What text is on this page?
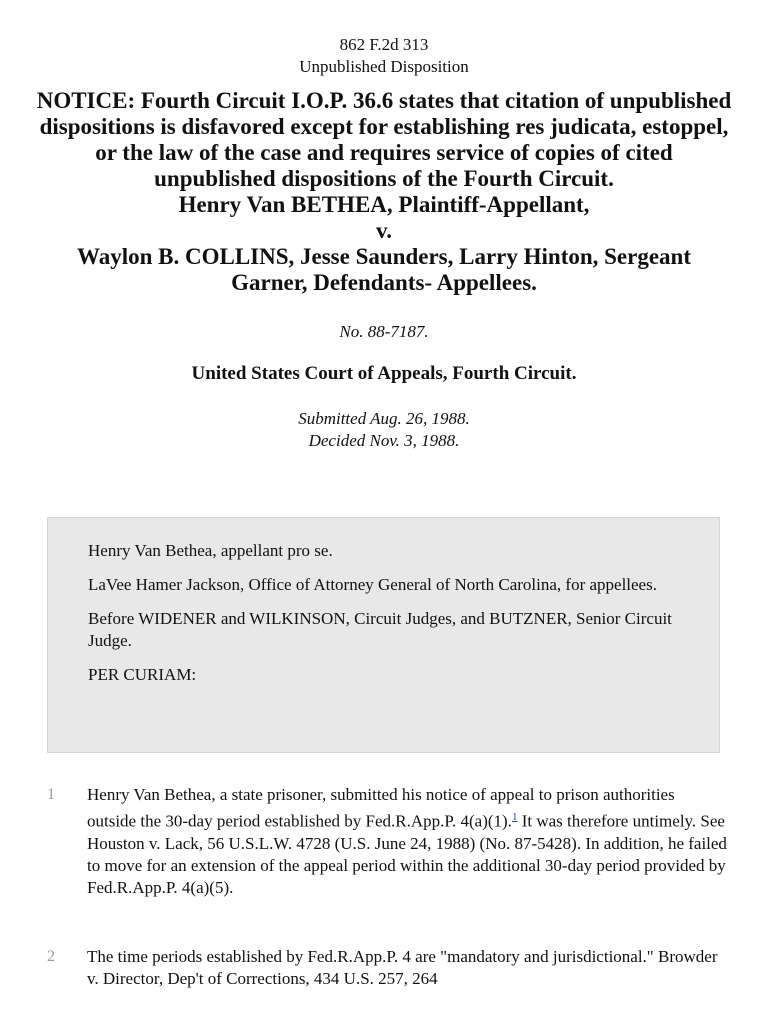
862 F.2d 313

Unpublished Disposition

NOTICE: Fourth Circuit I.O.P. 36.6 states that citation of unpublished dispositions is disfavored except for establishing res judicata, estoppel, or the law of the case and requires service of copies of cited unpublished dispositions of the Fourth Circuit.
Henry Van BETHEA, Plaintiff-Appellant,
v.
Waylon B. COLLINS, Jesse Saunders, Larry Hinton, Sergeant Garner, Defendants- Appellees.
No. 88-7187.
United States Court of Appeals, Fourth Circuit.
Submitted Aug. 26, 1988.
Decided Nov. 3, 1988.

Henry Van Bethea, appellant pro se.

LaVee Hamer Jackson, Office of Attorney General of North Carolina, for appellees.

Before WIDENER and WILKINSON, Circuit Judges, and BUTZNER, Senior Circuit Judge.

PER CURIAM:

1 Henry Van Bethea, a state prisoner, submitted his notice of appeal to prison authorities outside the 30-day period established by Fed.R.App.P. 4(a)(1).$^1$ It was therefore untimely. See Houston v. Lack, 56 U.S.L.W. 4728 (U.S. June 24, 1988) (No. 87-5428). In addition, he failed to move for an extension of the appeal period within the additional 30-day period provided by Fed.R.App.P. 4(a)(5).
2 The time periods established by Fed.R.App.P. 4 are "mandatory and jurisdictional." Browder v. Director, Dep't of Corrections, 434 U.S. 257, 264
